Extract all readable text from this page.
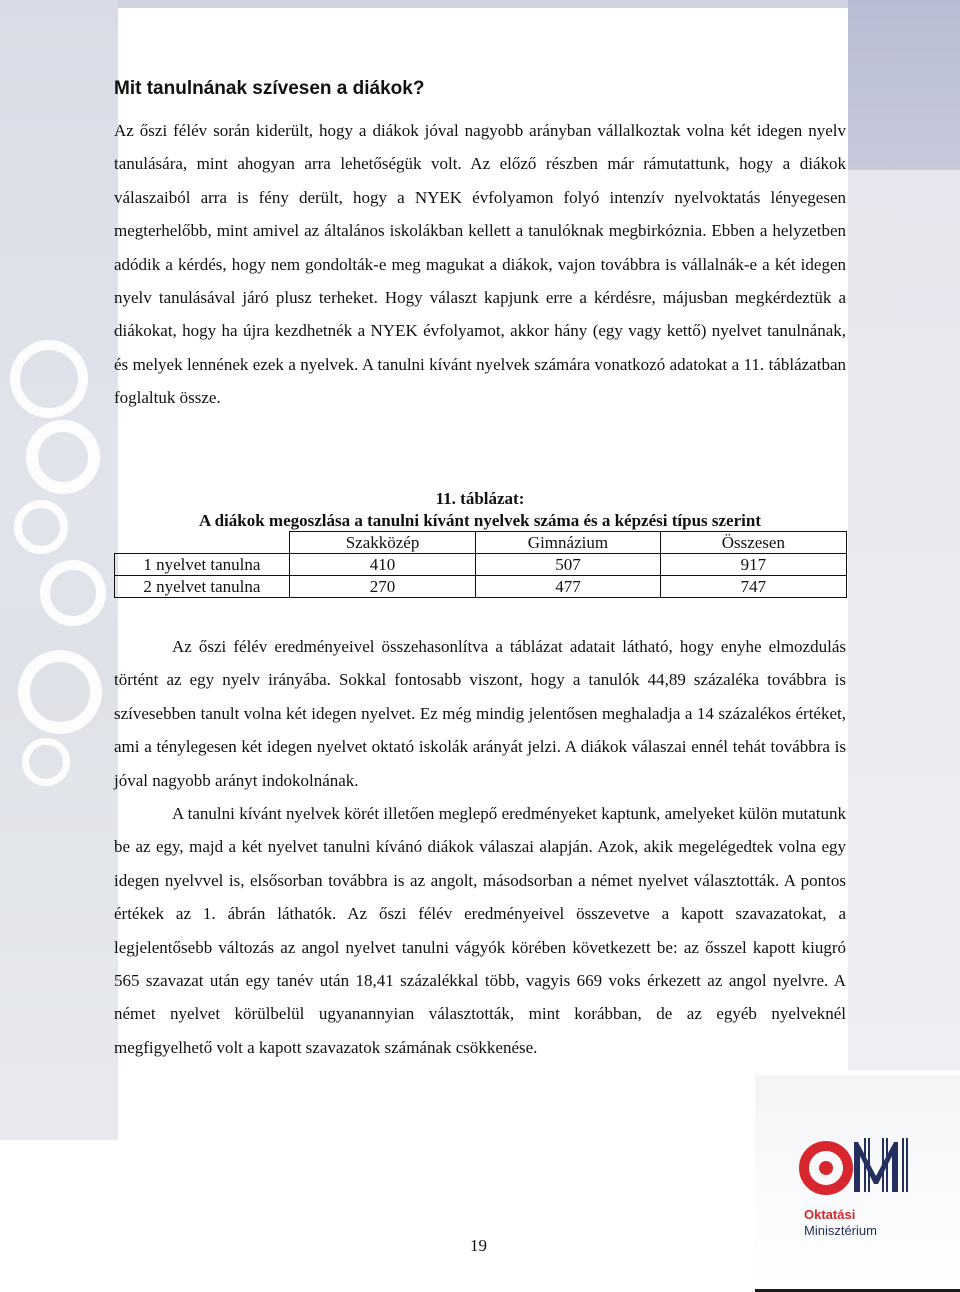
Mit tanulnának szívesen a diákok?

Az őszi félév során kiderült, hogy a diákok jóval nagyobb arányban vállalkoztak volna két idegen nyelv tanulására, mint ahogyan arra lehetőségük volt. Az előző részben már rámutattunk, hogy a diákok válaszaiból arra is fény derült, hogy a NYEK évfolyamon folyó intenzív nyelvoktatás lényegesen megterhelőbb, mint amivel az általános iskolákban kellett a tanulóknak megbirkóznia. Ebben a helyzetben adódik a kérdés, hogy nem gondolták-e meg magukat a diákok, vajon továbbra is vállalnák-e a két idegen nyelv tanulásával járó plusz terheket. Hogy választ kapjunk erre a kérdésre, májusban megkérdeztük a diákokat, hogy ha újra kezdhetnék a NYEK évfolyamot, akkor hány (egy vagy kettő) nyelvet tanulnának, és melyek lennének ezek a nyelvek. A tanulni kívánt nyelvek számára vonatkozó adatokat a 11. táblázatban foglaltuk össze.

11. táblázat:

A diákok megoszlása a tanulni kívánt nyelvek száma és a képzési típus szerint

	Szakközép	Gimnázium	Összesen
1 nyelvet tanulna	410	507	917
2 nyelvet tanulna	270	477	747

Az őszi félév eredményeivel összehasonlítva a táblázat adatait látható, hogy enyhe elmozdulás történt az egy nyelv irányába. Sokkal fontosabb viszont, hogy a tanulók 44,89 százaléka továbbra is szívesebben tanult volna két idegen nyelvet. Ez még mindig jelentősen meghaladja a 14 százalékos értéket, ami a ténylegesen két idegen nyelvet oktató iskolák arányát jelzi. A diákok válaszai ennél tehát továbbra is jóval nagyobb arányt indokolnának.

A tanulni kívánt nyelvek körét illetően meglepő eredményeket kaptunk, amelyeket külön mutatunk be az egy, majd a két nyelvet tanulni kívánó diákok válaszai alapján. Azok, akik megelégedtek volna egy idegen nyelvvel is, elsősorban továbbra is az angolt, másodsorban a német nyelvet választották. A pontos értékek az 1. ábrán láthatók. Az őszi félév eredményeivel összevetve a kapott szavazatokat, a legjelentősebb változás az angol nyelvet tanulni vágyók körében következett be: az ősszel kapott kiugró 565 szavazat után egy tanév után 18,41 százalékkal több, vagyis 669 voks érkezett az angol nyelvre. A német nyelvet körülbelül ugyanannyian választották, mint korábban, de az egyéb nyelveknél megfigyelhető volt a kapott szavazatok számának csökkenése.

19
Oktatási
Minisztérium
